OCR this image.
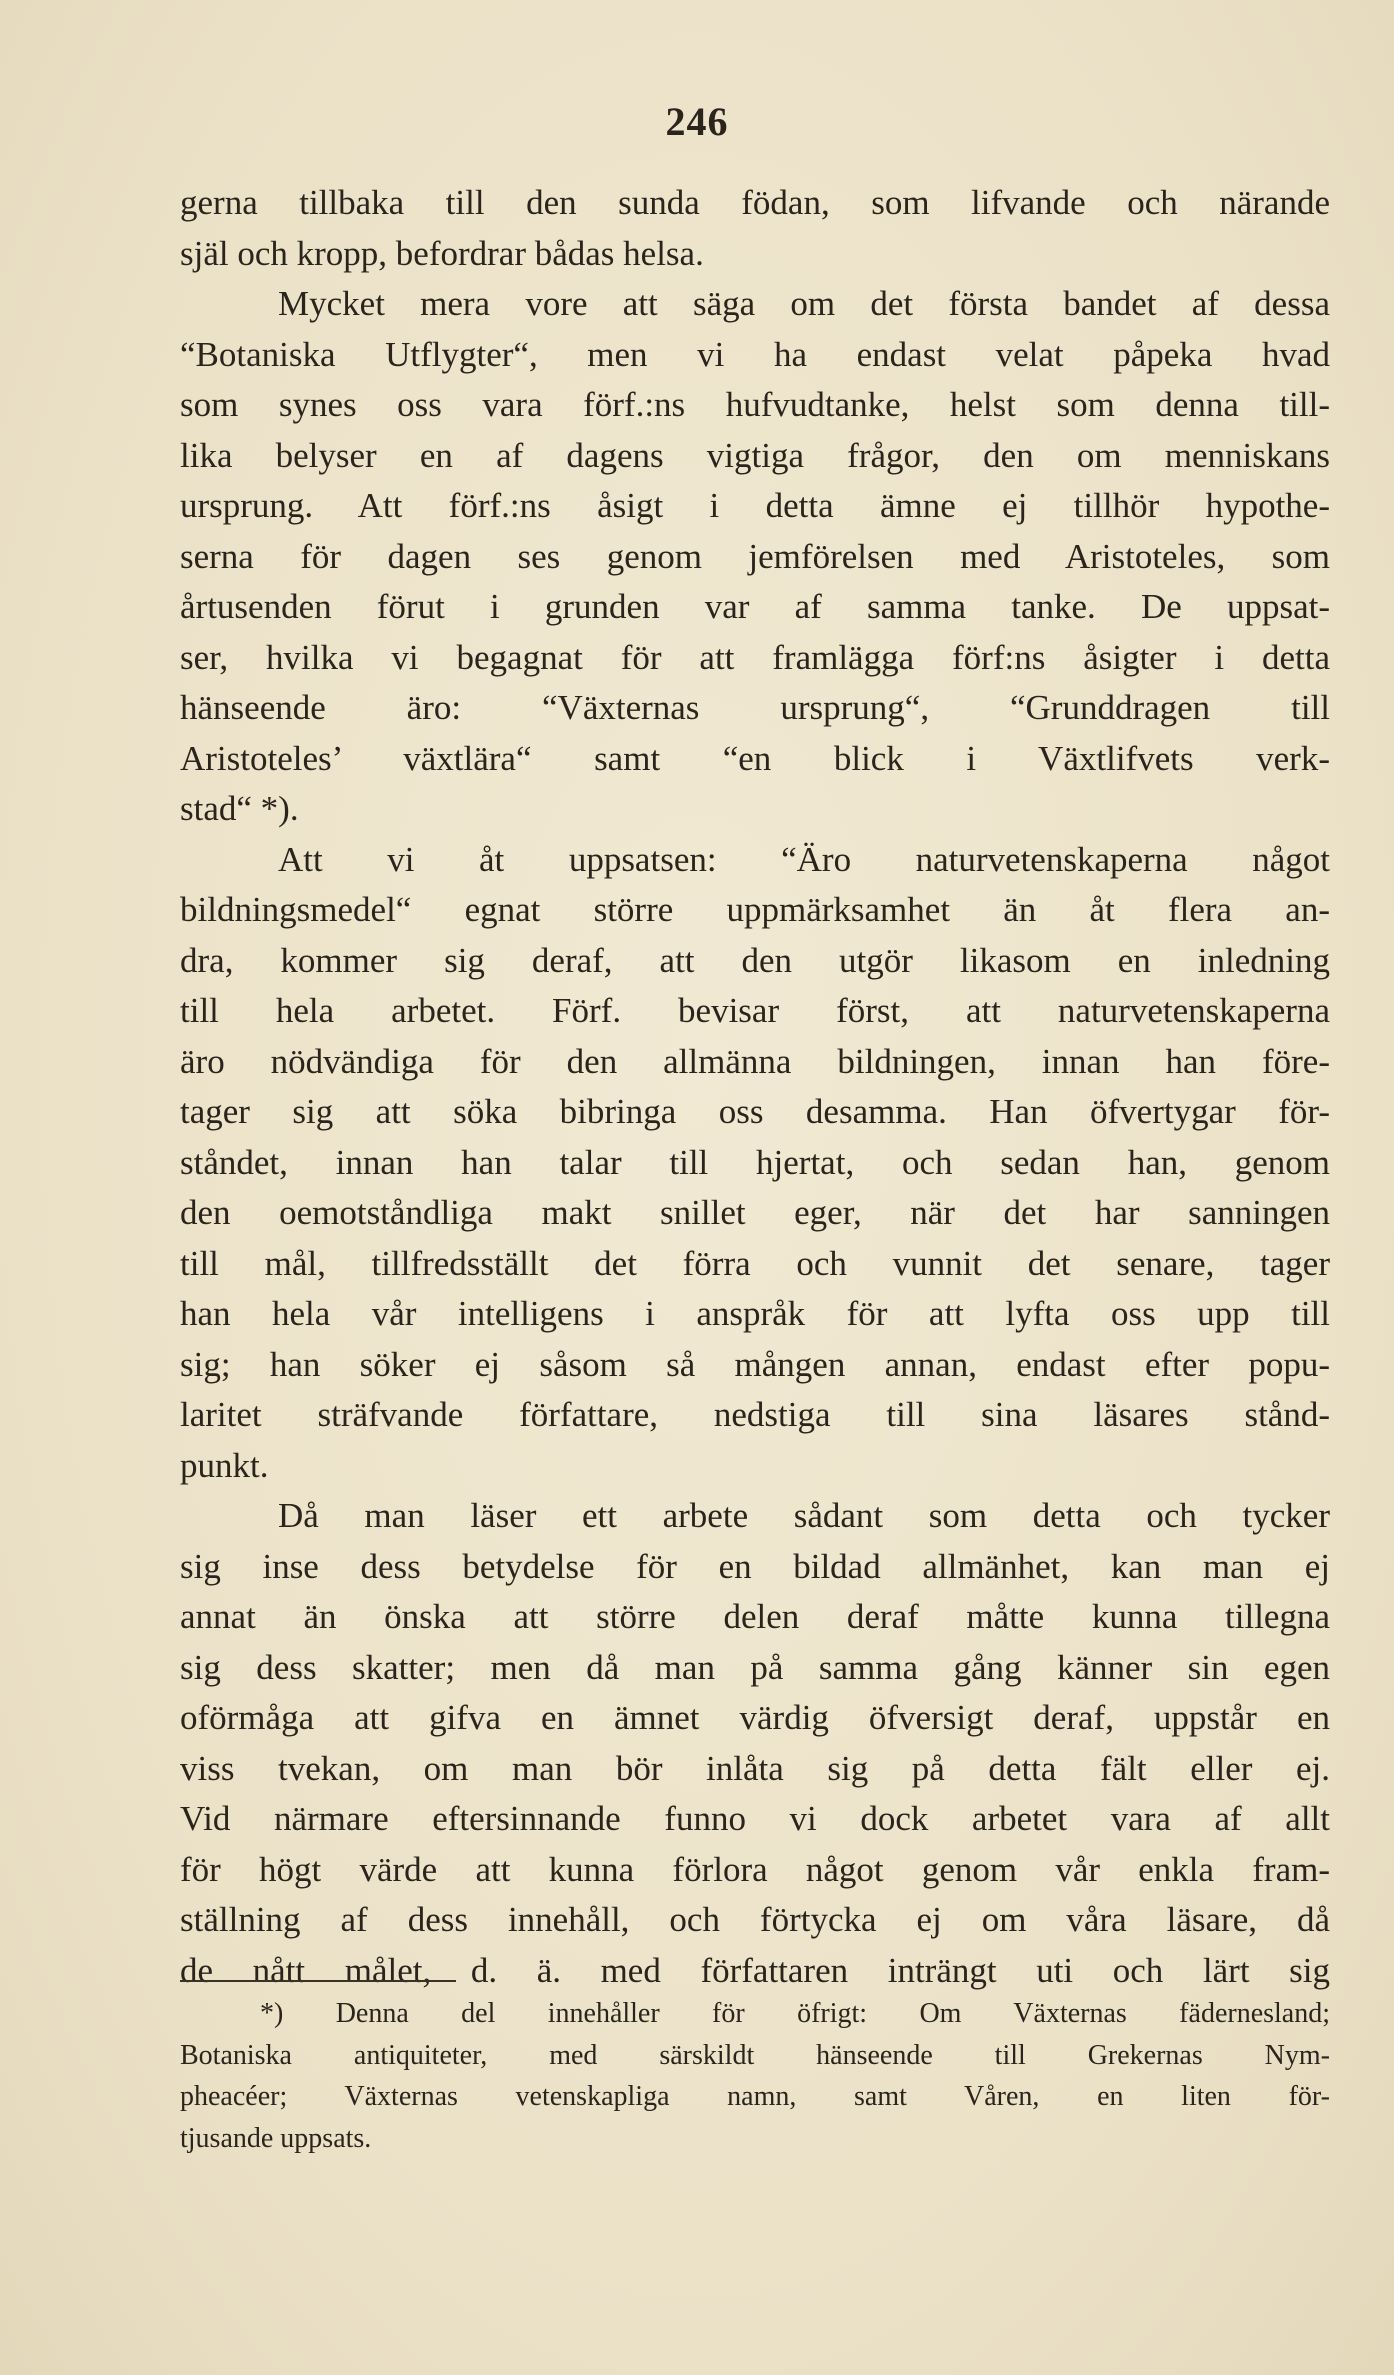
246
gerna tillbaka till den sunda födan, som lifvande och närande
själ och kropp, befordrar bådas helsa.
Mycket mera vore att säga om det första bandet af dessa
“Botaniska Utflygter“, men vi ha endast velat påpeka hvad
som synes oss vara förf.:ns hufvudtanke, helst som denna till-
lika belyser en af dagens vigtiga frågor, den om menniskans
ursprung. Att förf.:ns åsigt i detta ämne ej tillhör hypothe-
serna för dagen ses genom jemförelsen med Aristoteles, som
årtusenden förut i grunden var af samma tanke. De uppsat-
ser, hvilka vi begagnat för att framlägga förf:ns åsigter i detta
hänseende äro: “Växternas ursprung“, “Grunddragen till
Aristoteles’ växtlära“ samt “en blick i Växtlifvets verk-
stad“ *).
Att vi åt uppsatsen: “Äro naturvetenskaperna något
bildningsmedel“ egnat större uppmärksamhet än åt flera an-
dra, kommer sig deraf, att den utgör likasom en inledning
till hela arbetet. Förf. bevisar först, att naturvetenskaperna
äro nödvändiga för den allmänna bildningen, innan han före-
tager sig att söka bibringa oss desamma. Han öfvertygar för-
ståndet, innan han talar till hjertat, och sedan han, genom
den oemotståndliga makt snillet eger, när det har sanningen
till mål, tillfredsställt det förra och vunnit det senare, tager
han hela vår intelligens i anspråk för att lyfta oss upp till
sig; han söker ej såsom så mången annan, endast efter popu-
laritet sträfvande författare, nedstiga till sina läsares stånd-
punkt.
Då man läser ett arbete sådant som detta och tycker
sig inse dess betydelse för en bildad allmänhet, kan man ej
annat än önska att större delen deraf måtte kunna tillegna
sig dess skatter; men då man på samma gång känner sin egen
oförmåga att gifva en ämnet värdig öfversigt deraf, uppstår en
viss tvekan, om man bör inlåta sig på detta fält eller ej.
Vid närmare eftersinnande funno vi dock arbetet vara af allt
för högt värde att kunna förlora något genom vår enkla fram-
ställning af dess innehåll, och förtycka ej om våra läsare, då
de nått målet, d. ä. med författaren inträngt uti och lärt sig
*) Denna del innehåller för öfrigt: Om Växternas fädernesland;
Botaniska antiquiteter, med särskildt hänseende till Grekernas Nym-
pheacéer; Växternas vetenskapliga namn, samt Våren, en liten för-
tjusande uppsats.
